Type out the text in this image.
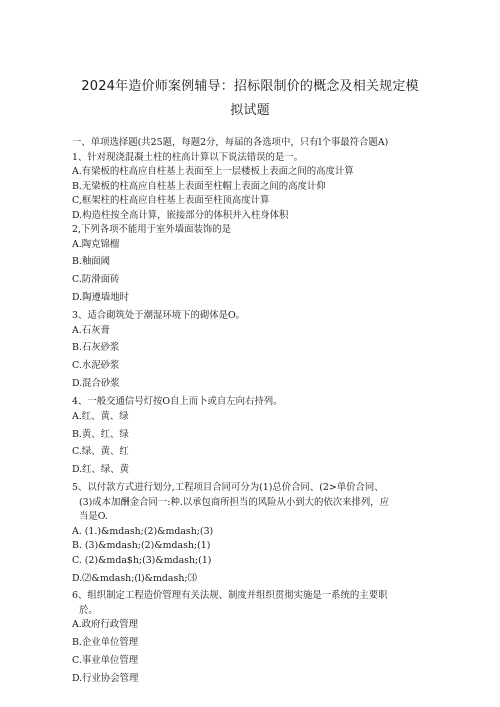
2024年造价师案例辅导：招标限制价的概念及相关规定模
拟试题
一、单项选择题(共25题，每题2分，每届的各选项中，只有l个事最符合题A)
1、针对现浇混凝土柱的柱高计算以下说法错误的是一。
A.有梁板的柱高应自柱基上表面至上一层楼板上表面之间的高度计算
B.无梁板的柱高应自柱基上表面至柱帽上表面之间的高度计仰
C,框架柱的柱高应自柱基上表面至柱顶高度计算
D.构造柱按全高计算，嵌接部分的体积并入柱身体积
2,下列各项不能用于室外墙面装饰的是
A.陶克锦榴
B.釉面阈
C.防滑面砖
D.陶遵墙地时
3、适合砌筑处于潮湿环境下的砌体是O。
A.石灰膏
B.石灰砂浆
C.水泥砂浆
D.混合砂浆
4、一般交通信号灯按O自上而卜或自左向右持列。
A.红、黄、绿
B.黄、红、绿
C.绿、黄、红
D.红、绿、黄
5、以付款方式进行划分,工程项目合同可分为(1)总价合同、(2>单价合同、
(3)成本加酬金合同一:种.以承包商所担当的风险从小到大的依次来排列，应
当是O.
A. (1.)&mdash;(2)&mdash;(3)
B. (3)&mdash;(2)&mdash;(1)
C. (2)&mda$h;(3)&mdash;(1)
D.⑵&mdash;(l)&mdash;⑶
6、组织制定工程造价管理有关法规、制度并组织贯彻实施是一系统的主要职
於。
A.政府行政管理
B.企业单位管理
C.事业单位管理
D.行业协会管理
